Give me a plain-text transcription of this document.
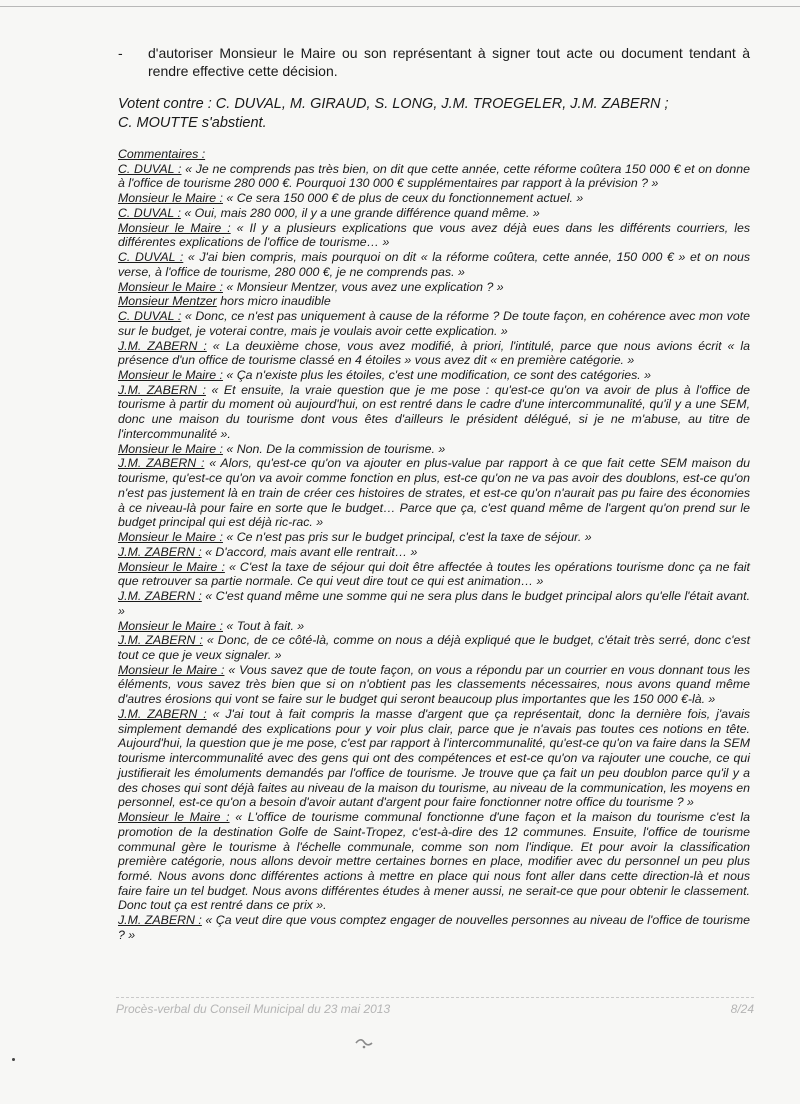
- d'autoriser Monsieur le Maire ou son représentant à signer tout acte ou document tendant à rendre effective cette décision.
Votent contre : C. DUVAL, M. GIRAUD, S. LONG, J.M. TROEGELER, J.M. ZABERN ;
C. MOUTTE s'abstient.

Commentaires :

C. DUVAL : « Je ne comprends pas très bien, on dit que cette année, cette réforme coûtera 150 000 € et on donne à l'office de tourisme 280 000 €. Pourquoi 130 000 € supplémentaires par rapport à la prévision ? »

Monsieur le Maire : « Ce sera 150 000 € de plus de ceux du fonctionnement actuel. »

C. DUVAL : « Oui, mais 280 000, il y a une grande différence quand même. »

Monsieur le Maire : « Il y a plusieurs explications que vous avez déjà eues dans les différents courriers, les différentes explications de l'office de tourisme… »

C. DUVAL : « J'ai bien compris, mais pourquoi on dit « la réforme coûtera, cette année, 150 000 € » et on nous verse, à l'office de tourisme, 280 000 €, je ne comprends pas. »

Monsieur le Maire : « Monsieur Mentzer, vous avez une explication ? »

Monsieur Mentzer hors micro inaudible

C. DUVAL : « Donc, ce n'est pas uniquement à cause de la réforme ? De toute façon, en cohérence avec mon vote sur le budget, je voterai contre, mais je voulais avoir cette explication. »

J.M. ZABERN : « La deuxième chose, vous avez modifié, à priori, l'intitulé, parce que nous avions écrit « la présence d'un office de tourisme classé en 4 étoiles » vous avez dit « en première catégorie. »

Monsieur le Maire : « Ça n'existe plus les étoiles, c'est une modification, ce sont des catégories. »

J.M. ZABERN : « Et ensuite, la vraie question que je me pose : qu'est-ce qu'on va avoir de plus à l'office de tourisme à partir du moment où aujourd'hui, on est rentré dans le cadre d'une intercommunalité, qu'il y a une SEM, donc une maison du tourisme dont vous êtes d'ailleurs le président délégué, si je ne m'abuse, au titre de l'intercommunalité ».

Monsieur le Maire : « Non. De la commission de tourisme. »

J.M. ZABERN : « Alors, qu'est-ce qu'on va ajouter en plus-value par rapport à ce que fait cette SEM maison du tourisme, qu'est-ce qu'on va avoir comme fonction en plus, est-ce qu'on ne va pas avoir des doublons, est-ce qu'on n'est pas justement là en train de créer ces histoires de strates, et est-ce qu'on n'aurait pas pu faire des économies à ce niveau-là pour faire en sorte que le budget… Parce que ça, c'est quand même de l'argent qu'on prend sur le budget principal qui est déjà ric-rac. »

Monsieur le Maire : « Ce n'est pas pris sur le budget principal, c'est la taxe de séjour. »

J.M. ZABERN : « D'accord, mais avant elle rentrait… »

Monsieur le Maire : « C'est la taxe de séjour qui doit être affectée à toutes les opérations tourisme donc ça ne fait que retrouver sa partie normale. Ce qui veut dire tout ce qui est animation… »

J.M. ZABERN : « C'est quand même une somme qui ne sera plus dans le budget principal alors qu'elle l'était avant. »

Monsieur le Maire : « Tout à fait. »

J.M. ZABERN : « Donc, de ce côté-là, comme on nous a déjà expliqué que le budget, c'était très serré, donc c'est tout ce que je veux signaler. »

Monsieur le Maire : « Vous savez que de toute façon, on vous a répondu par un courrier en vous donnant tous les éléments, vous savez très bien que si on n'obtient pas les classements nécessaires, nous avons quand même d'autres érosions qui vont se faire sur le budget qui seront beaucoup plus importantes que les 150 000 €-là. »

J.M. ZABERN : « J'ai tout à fait compris la masse d'argent que ça représentait, donc la dernière fois, j'avais simplement demandé des explications pour y voir plus clair, parce que je n'avais pas toutes ces notions en tête. Aujourd'hui, la question que je me pose, c'est par rapport à l'intercommunalité, qu'est-ce qu'on va faire dans la SEM tourisme intercommunalité avec des gens qui ont des compétences et est-ce qu'on va rajouter une couche, ce qui justifierait les émoluments demandés par l'office de tourisme. Je trouve que ça fait un peu doublon parce qu'il y a des choses qui sont déjà faites au niveau de la maison du tourisme, au niveau de la communication, les moyens en personnel, est-ce qu'on a besoin d'avoir autant d'argent pour faire fonctionner notre office du tourisme ? »

Monsieur le Maire : « L'office de tourisme communal fonctionne d'une façon et la maison du tourisme c'est la promotion de la destination Golfe de Saint-Tropez, c'est-à-dire des 12 communes. Ensuite, l'office de tourisme communal gère le tourisme à l'échelle communale, comme son nom l'indique. Et pour avoir la classification première catégorie, nous allons devoir mettre certaines bornes en place, modifier avec du personnel un peu plus formé. Nous avons donc différentes actions à mettre en place qui nous font aller dans cette direction-là et nous faire faire un tel budget. Nous avons différentes études à mener aussi, ne serait-ce que pour obtenir le classement. Donc tout ça est rentré dans ce prix ».

J.M. ZABERN : « Ça veut dire que vous comptez engager de nouvelles personnes au niveau de l'office de tourisme ? »

Procès-verbal du Conseil Municipal du 23 mai 2013	8/24
